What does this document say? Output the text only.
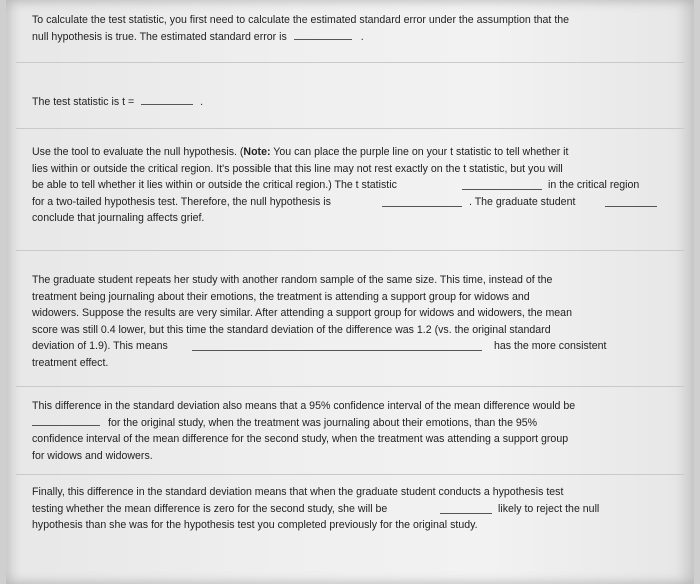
To calculate the test statistic, you first need to calculate the estimated standard error under the assumption that the
null hypothesis is true. The estimated standard error is	.
The test statistic is t =	.
Use the tool to evaluate the null hypothesis. (Note: You can place the purple line on your t statistic to tell whether it
lies within or outside the critical region. It's possible that this line may not rest exactly on the t statistic, but you will
be able to tell whether it lies within or outside the critical region.) The t statistic	in the critical region
for a two-tailed hypothesis test. Therefore, the null hypothesis is	. The graduate student
conclude that journaling affects grief.
The graduate student repeats her study with another random sample of the same size. This time, instead of the
treatment being journaling about their emotions, the treatment is attending a support group for widows and
widowers. Suppose the results are very similar. After attending a support group for widows and widowers, the mean
score was still 0.4 lower, but this time the standard deviation of the difference was 1.2 (vs. the original standard
deviation of 1.9). This means	has the more consistent
treatment effect.
This difference in the standard deviation also means that a 95% confidence interval of the mean difference would be
for the original study, when the treatment was journaling about their emotions, than the 95%
confidence interval of the mean difference for the second study, when the treatment was attending a support group
for widows and widowers.
Finally, this difference in the standard deviation means that when the graduate student conducts a hypothesis test
testing whether the mean difference is zero for the second study, she will be	likely to reject the null
hypothesis than she was for the hypothesis test you completed previously for the original study.
